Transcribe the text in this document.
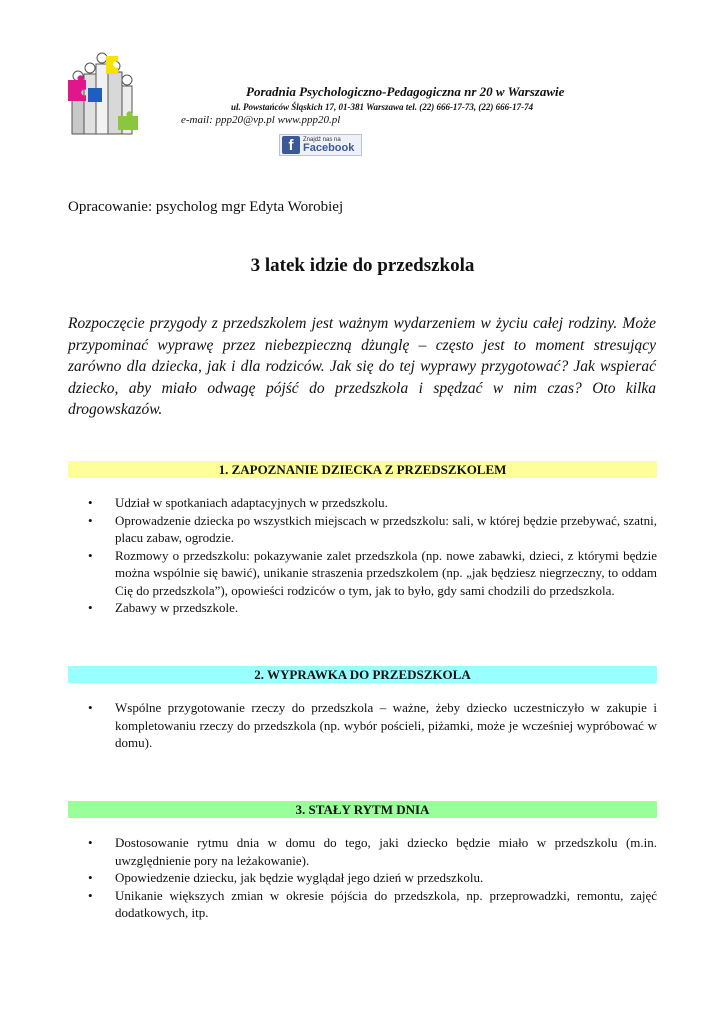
Poradnia Psychologiczno-Pedagogiczna nr 20 w Warszawie
ul. Powstańców Śląskich 17, 01-381 Warszawa tel. (22) 666-17-73, (22) 666-17-74
e-mail: ppp20@vp.pl www.ppp20.pl
f	Znajdź nas na
Facebook
Opracowanie: psycholog mgr Edyta Worobiej
3 latek idzie do przedszkola

Rozpoczęcie przygody z przedszkolem jest ważnym wydarzeniem w życiu całej rodziny. Może przypominać wyprawę przez niebezpieczną dżunglę – często jest to moment stresujący zarówno dla dziecka, jak i dla rodziców. Jak się do tej wyprawy przygotować? Jak wspierać dziecko, aby miało odwagę pójść do przedszkola i spędzać w nim czas? Oto kilka drogowskazów.

1. ZAPOZNANIE DZIECKA Z PRZEDSZKOLEM
• Udział w spotkaniach adaptacyjnych w przedszkolu.
• Oprowadzenie dziecka po wszystkich miejscach w przedszkolu: sali, w której będzie przebywać, szatni, placu zabaw, ogrodzie.
• Rozmowy o przedszkolu: pokazywanie zalet przedszkola (np. nowe zabawki, dzieci, z którymi będzie można wspólnie się bawić), unikanie straszenia przedszkolem (np. „jak będziesz niegrzeczny, to oddam Cię do przedszkola”), opowieści rodziców o tym, jak to było, gdy sami chodzili do przedszkola.
• Zabawy w przedszkole.
2. WYPRAWKA DO PRZEDSZKOLA
• Wspólne przygotowanie rzeczy do przedszkola – ważne, żeby dziecko uczestniczyło w zakupie i kompletowaniu rzeczy do przedszkola (np. wybór pościeli, piżamki, może je wcześniej wypróbować w domu).
3. STAŁY RYTM DNIA
• Dostosowanie rytmu dnia w domu do tego, jaki dziecko będzie miało w przedszkolu (m.in. uwzględnienie pory na leżakowanie).
• Opowiedzenie dziecku, jak będzie wyglądał jego dzień w przedszkolu.
• Unikanie większych zmian w okresie pójścia do przedszkola, np. przeprowadzki, remontu, zajęć dodatkowych, itp.
